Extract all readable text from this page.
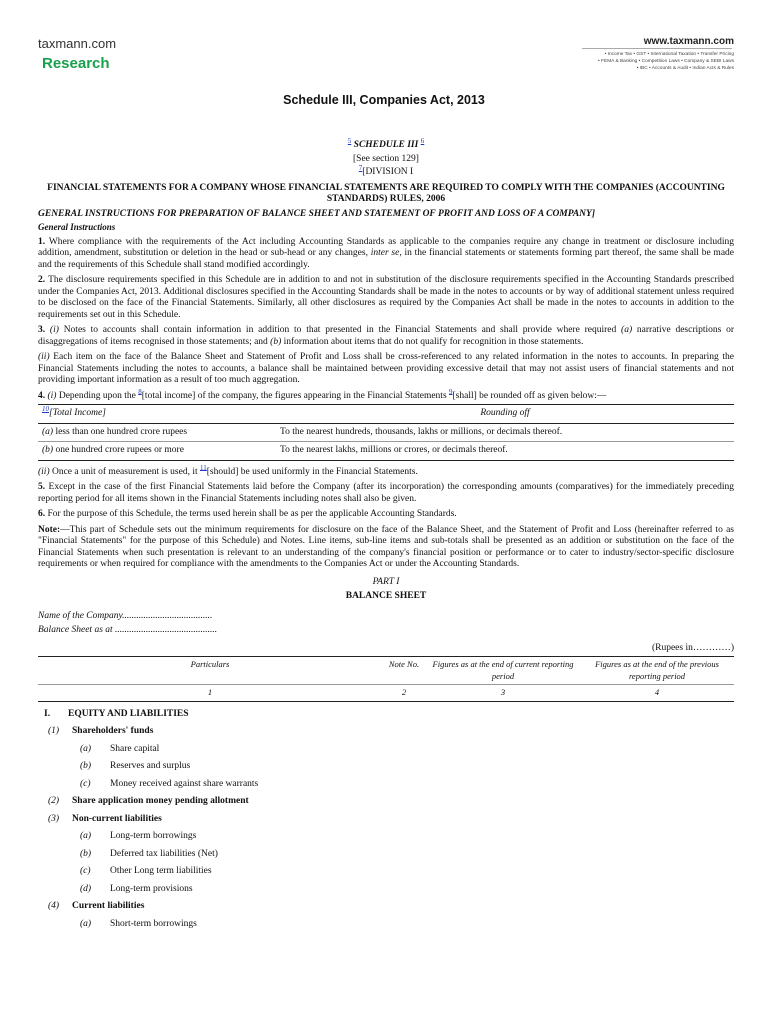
taxmann.com
Research
www.taxmann.com
• Income Tax • GST • International Taxation • Transfer Pricing
• FEMA & Banking • Competition Laws • Company & SEBI Laws
• IBC • Accounts & Audit • Indian Acts & Rules
Schedule III, Companies Act, 2013
$^5$ SCHEDULE III $^6$
[See section 129]
$^7$[DIVISION I
FINANCIAL STATEMENTS FOR A COMPANY WHOSE FINANCIAL STATEMENTS ARE REQUIRED TO COMPLY WITH THE COMPANIES (ACCOUNTING STANDARDS) RULES, 2006
GENERAL INSTRUCTIONS FOR PREPARATION OF BALANCE SHEET AND STATEMENT OF PROFIT AND LOSS OF A COMPANY]
General Instructions

1. Where compliance with the requirements of the Act including Accounting Standards as applicable to the companies require any change in treatment or disclosure including addition, amendment, substitution or deletion in the head or sub-head or any changes, inter se, in the financial statements or statements forming part thereof, the same shall be made and the requirements of this Schedule shall stand modified accordingly.

2. The disclosure requirements specified in this Schedule are in addition to and not in substitution of the disclosure requirements specified in the Accounting Standards prescribed under the Companies Act, 2013. Additional disclosures specified in the Accounting Standards shall be made in the notes to accounts or by way of additional statement unless required to be disclosed on the face of the Financial Statements. Similarly, all other disclosures as required by the Companies Act shall be made in the notes to accounts in addition to the requirements set out in this Schedule.

3. (i) Notes to accounts shall contain information in addition to that presented in the Financial Statements and shall provide where required (a) narrative descriptions or disaggregations of items recognised in those statements; and (b) information about items that do not qualify for recognition in those statements.

(ii) Each item on the face of the Balance Sheet and Statement of Profit and Loss shall be cross-referenced to any related information in the notes to accounts. In preparing the Financial Statements including the notes to accounts, a balance shall be maintained between providing excessive detail that may not assist users of financial statements and not providing important information as a result of too much aggregation.

4. (i) Depending upon the $^8$[total income] of the company, the figures appearing in the Financial Statements $^9$[shall] be rounded off as given below:—

$^{10}$[Total Income]	Rounding off
(a) less than one hundred crore rupees	To the nearest hundreds, thousands, lakhs or millions, or decimals thereof.
(b) one hundred crore rupees or more	To the nearest lakhs, millions or crores, or decimals thereof.

(ii) Once a unit of measurement is used, it $^{11}$[should] be used uniformly in the Financial Statements.

5. Except in the case of the first Financial Statements laid before the Company (after its incorporation) the corresponding amounts (comparatives) for the immediately preceding reporting period for all items shown in the Financial Statements including notes shall also be given.

6. For the purpose of this Schedule, the terms used herein shall be as per the applicable Accounting Standards.

Note:—This part of Schedule sets out the minimum requirements for disclosure on the face of the Balance Sheet, and the Statement of Profit and Loss (hereinafter referred to as "Financial Statements" for the purpose of this Schedule) and Notes. Line items, sub-line items and sub-totals shall be presented as an addition or substitution on the face of the Financial Statements when such presentation is relevant to an understanding of the company's financial position or performance or to cater to industry/sector-specific disclosure requirements or when required for compliance with the amendments to the Companies Act or under the Accounting Standards.

PART I
BALANCE SHEET
Name of the Company......................................
Balance Sheet as at ...........................................
(Rupees in…………)
Particulars	Note No.	Figures as at the end of current reporting period	Figures as at the end of the previous reporting period
1	2	3	4
I. EQUITY AND LIABILITIES
(1) Shareholders' funds
(a) Share capital
(b) Reserves and surplus
(c) Money received against share warrants
(2) Share application money pending allotment
(3) Non-current liabilities
(a) Long-term borrowings
(b) Deferred tax liabilities (Net)
(c) Other Long term liabilities
(d) Long-term provisions
(4) Current liabilities
(a) Short-term borrowings
